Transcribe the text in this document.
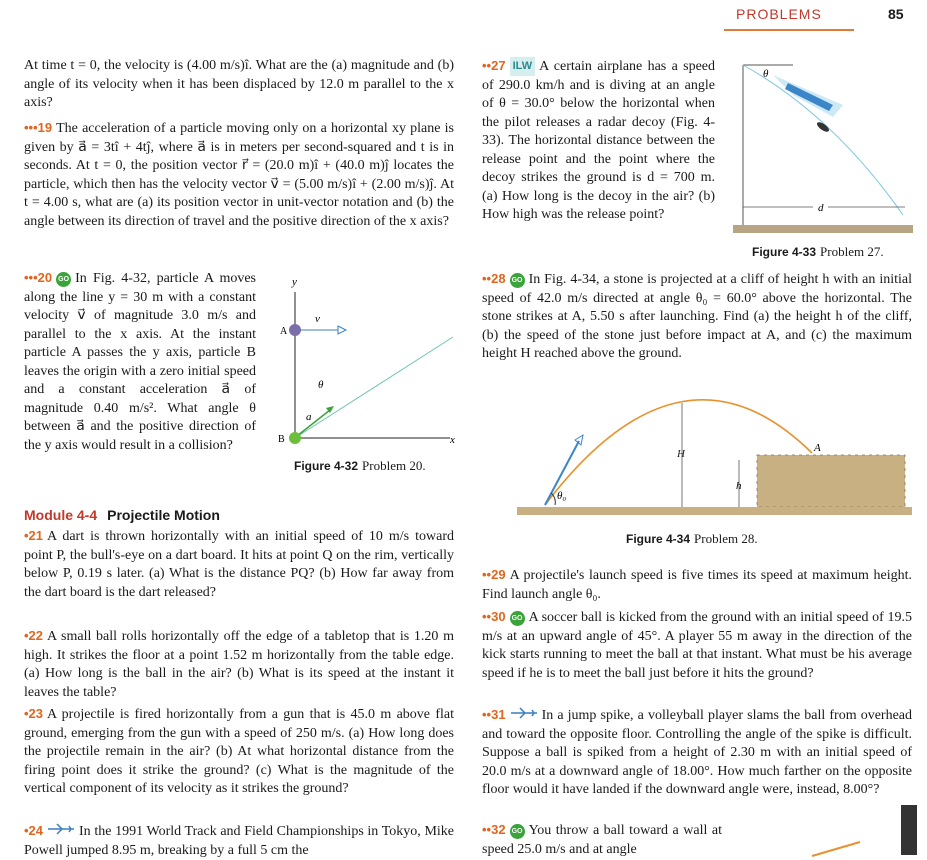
PROBLEMS	85

At time t = 0, the velocity is (4.00 m/s)î. What are the (a) magnitude and (b) angle of its velocity when it has been displaced by 12.0 m parallel to the x axis?

•••19 The acceleration of a particle moving only on a horizontal xy plane is given by a⃗ = 3tî + 4tĵ, where a⃗ is in meters per second-squared and t is in seconds. At t = 0, the position vector r⃗ = (20.0 m)î + (40.0 m)ĵ locates the particle, which then has the velocity vector v⃗ = (5.00 m/s)î + (2.00 m/s)ĵ. At t = 4.00 s, what are (a) its position vector in unit-vector notation and (b) the angle between its direction of travel and the positive direction of the x axis?

•••20 GO In Fig. 4-32, particle A moves along the line y = 30 m with a constant velocity v⃗ of magnitude 3.0 m/s and parallel to the x axis. At the instant particle A passes the y axis, particle B leaves the origin with a zero initial speed and a constant acceleration a⃗ of magnitude 0.40 m/s². What angle θ between a⃗ and the positive direction of the y axis would result in a collision?

y
x
v⃗
a⃗
θ
A
B
Figure 4-32 Problem 20.
Module 4-4 Projectile Motion

•21 A dart is thrown horizontally with an initial speed of 10 m/s toward point P, the bull's-eye on a dart board. It hits at point Q on the rim, vertically below P, 0.19 s later. (a) What is the distance PQ? (b) How far away from the dart board is the dart released?

•22 A small ball rolls horizontally off the edge of a tabletop that is 1.20 m high. It strikes the floor at a point 1.52 m horizontally from the table edge. (a) How long is the ball in the air? (b) What is its speed at the instant it leaves the table?

•23 A projectile is fired horizontally from a gun that is 45.0 m above flat ground, emerging from the gun with a speed of 250 m/s. (a) How long does the projectile remain in the air? (b) At what horizontal distance from the firing point does it strike the ground? (c) What is the magnitude of the vertical component of its velocity as it strikes the ground?

•24	In the 1991 World Track and Field Championships in Tokyo, Mike Powell jumped 8.95 m, breaking by a full 5 cm the

••27 ILW A certain airplane has a speed of 290.0 km/h and is diving at an angle of θ = 30.0° below the horizontal when the pilot releases a radar decoy (Fig. 4-33). The horizontal distance between the release point and the point where the decoy strikes the ground is d = 700 m. (a) How long is the decoy in the air? (b) How high was the release point?

θ
d
Figure 4-33 Problem 27.

••28 GO In Fig. 4-34, a stone is projected at a cliff of height h with an initial speed of 42.0 m/s directed at angle θ₀ = 60.0° above the horizontal. The stone strikes at A, 5.50 s after launching. Find (a) the height h of the cliff, (b) the speed of the stone just before impact at A, and (c) the maximum height H reached above the ground.

θ₀
H
h
A
Figure 4-34 Problem 28.

••29 A projectile's launch speed is five times its speed at maximum height. Find launch angle θ₀.

••30 GO A soccer ball is kicked from the ground with an initial speed of 19.5 m/s at an upward angle of 45°. A player 55 m away in the direction of the kick starts running to meet the ball at that instant. What must be his average speed if he is to meet the ball just before it hits the ground?

••31	In a jump spike, a volleyball player slams the ball from overhead and toward the opposite floor. Controlling the angle of the spike is difficult. Suppose a ball is spiked from a height of 2.30 m with an initial speed of 20.0 m/s at a downward angle of 18.00°. How much farther on the opposite floor would it have landed if the downward angle were, instead, 8.00°?

••32 GO You throw a ball toward a wall at speed 25.0 m/s and at angle
